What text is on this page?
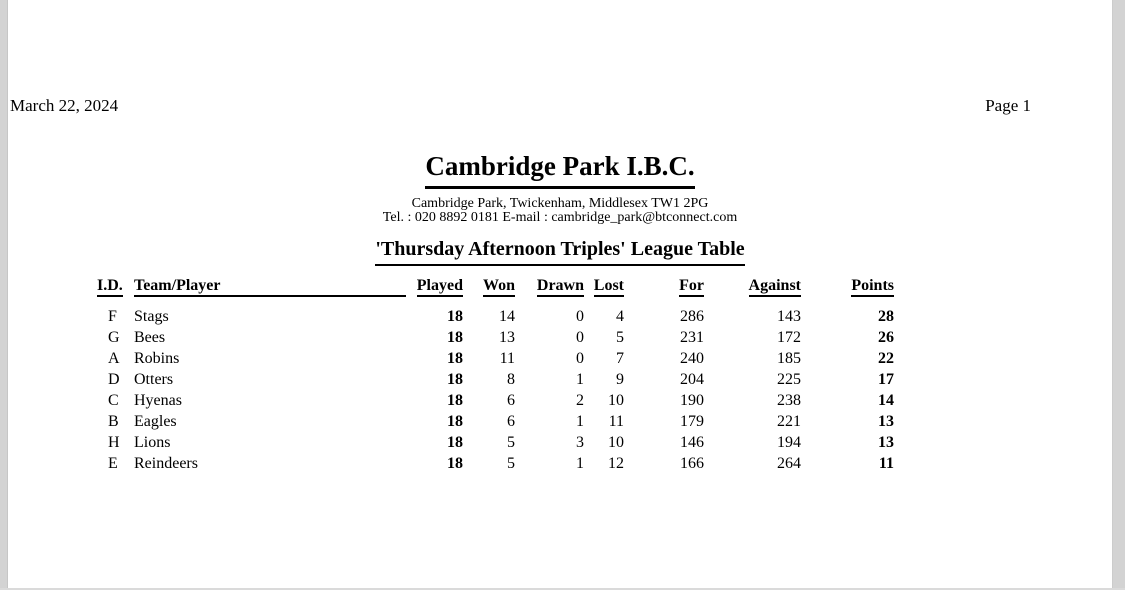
March 22, 2024	Page 1
Cambridge Park I.B.C.
Cambridge Park, Twickenham, Middlesex TW1 2PG
Tel. : 020 8892 0181 E-mail : cambridge_park@btconnect.com
'Thursday Afternoon Triples' League Table
I.D. Team/Player	Played	Won	Drawn Lost	For	Against	Points
F	Stags	18	14	0	4	286	143	28
G Bees	18	13	0	5	231	172	26
A Robins	18	11	0	7	240	185	22
D Otters	18	8	1	9	204	225	17
C Hyenas	18	6	2	10	190	238	14
B Eagles	18	6	1	11	179	221	13
H Lions	18	5	3	10	146	194	13
E	Reindeers	18	5	1	12	166	264	11
